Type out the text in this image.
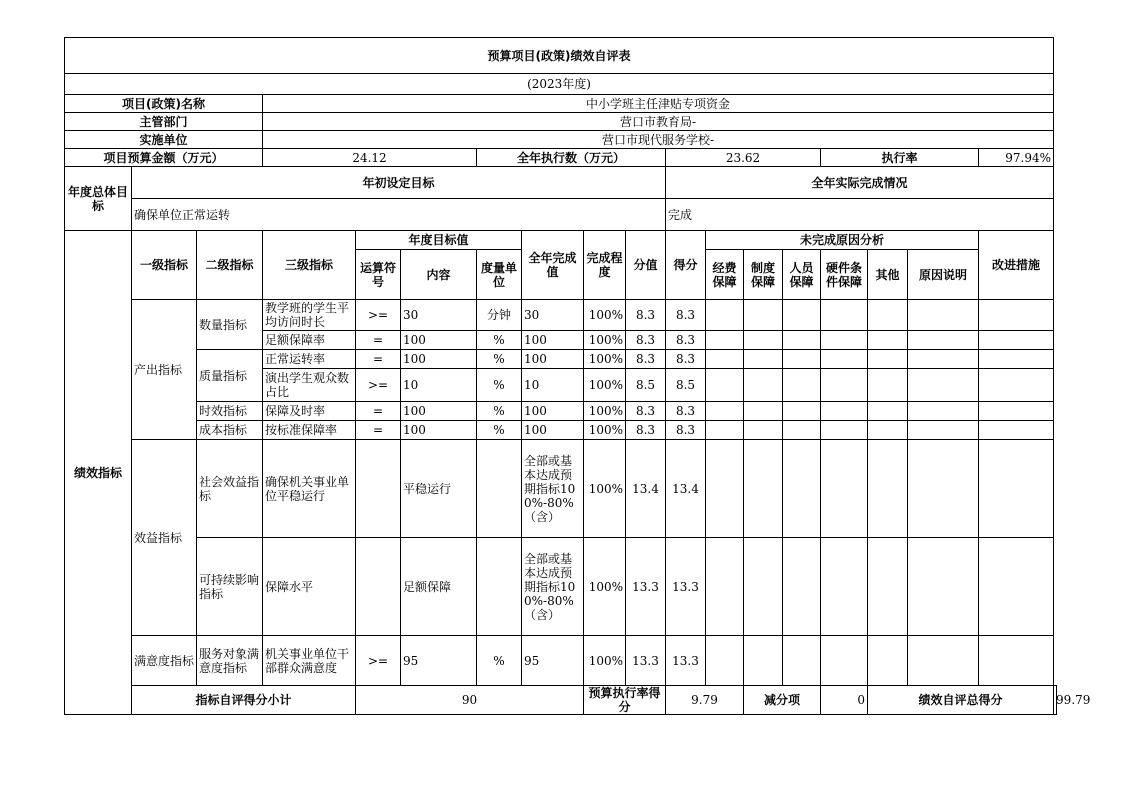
预算项目(政策)绩效自评表																		
(2023年度)																		
项目(政策)名称			中小学班主任津贴专项资金															
主管部门			营口市教育局-															
实施单位			营口市现代服务学校-															
项目预算金额（万元）			24.12			全年执行数（万元）				23.62				执行率			97.94%	
年度总体目标	年初设定目标									全年实际完成情况								
	确保单位正常运转									完成								
绩效指标	一级指标	二级指标	三级指标	年度目标值			全年完成值	完成程度	分值	得分	未完成原因分析						改进措施	
				运算符号	内容	度量单位					经费保障	制度保障	人员保障	硬件条件保障	其他	原因说明		
	产出指标	数量指标	教学班的学生平均访问时长	>=	30	分钟	30	100%	8.3	8.3								
			足额保障率	=	100	%	100	100%	8.3	8.3								
		质量指标	正常运转率	=	100	%	100	100%	8.3	8.3								
			演出学生观众数占比	>=	10	%	10	100%	8.5	8.5								
		时效指标	保障及时率	=	100	%	100	100%	8.3	8.3								
		成本指标	按标准保障率	=	100	%	100	100%	8.3	8.3								
	效益指标	社会效益指标	确保机关事业单位平稳运行		平稳运行		全部或基本达成预期指标100%-80%（含）	100%	13.4	13.4								
		可持续影响指标	保障水平		足额保障		全部或基本达成预期指标100%-80%（含）	100%	13.3	13.3								
	满意度指标	服务对象满意度指标	机关事业单位干部群众满意度	>=	95	%	95	100%	13.3	13.3								
	指标自评得分小计			90				预算执行率得分		9.79		减分项		0	绩效自评总得分			99.79
